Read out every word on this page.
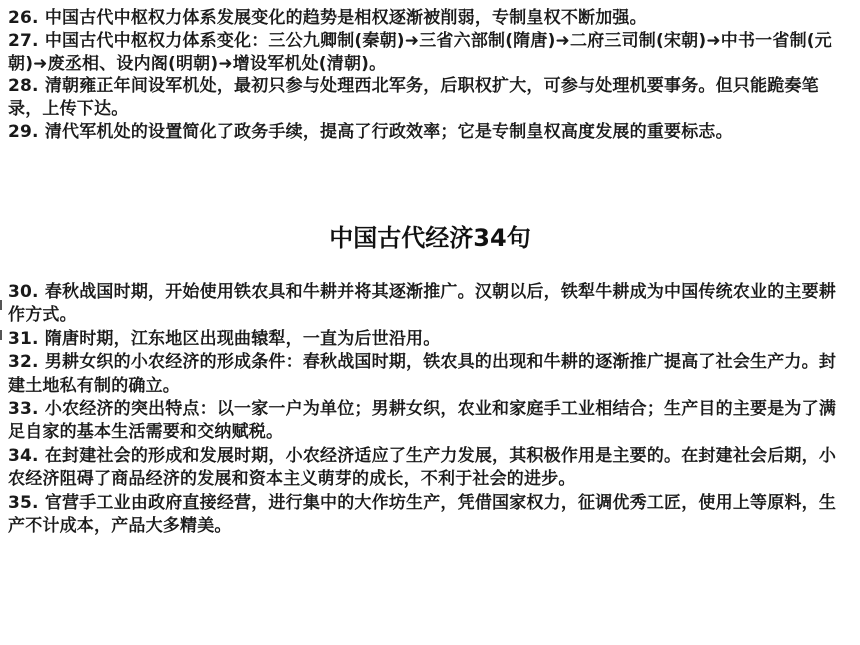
26. 中国古代中枢权力体系发展变化的趋势是相权逐渐被削弱，专制皇权不断加强。

27. 中国古代中枢权力体系变化：三公九卿制(秦朝)➜三省六部制(隋唐)➜二府三司制(宋朝)➜中书一省制(元朝)➜废丞相、设内阁(明朝)➜增设军机处(清朝)。

28. 清朝雍正年间设军机处，最初只参与处理西北军务，后职权扩大，可参与处理机要事务。但只能跪奏笔录，上传下达。

29. 清代军机处的设置简化了政务手续，提高了行政效率；它是专制皇权高度发展的重要标志。

中国古代经济34句

30. 春秋战国时期，开始使用铁农具和牛耕并将其逐渐推广。汉朝以后，铁犁牛耕成为中国传统农业的主要耕作方式。

31. 隋唐时期，江东地区出现曲辕犁，一直为后世沿用。

32. 男耕女织的小农经济的形成条件：春秋战国时期，铁农具的出现和牛耕的逐渐推广提高了社会生产力。封建土地私有制的确立。

33. 小农经济的突出特点：以一家一户为单位；男耕女织，农业和家庭手工业相结合；生产目的主要是为了满足自家的基本生活需要和交纳赋税。

34. 在封建社会的形成和发展时期，小农经济适应了生产力发展，其积极作用是主要的。在封建社会后期，小农经济阻碍了商品经济的发展和资本主义萌芽的成长，不利于社会的进步。

35. 官营手工业由政府直接经营，进行集中的大作坊生产，凭借国家权力，征调优秀工匠，使用上等原料，生产不计成本，产品大多精美。
